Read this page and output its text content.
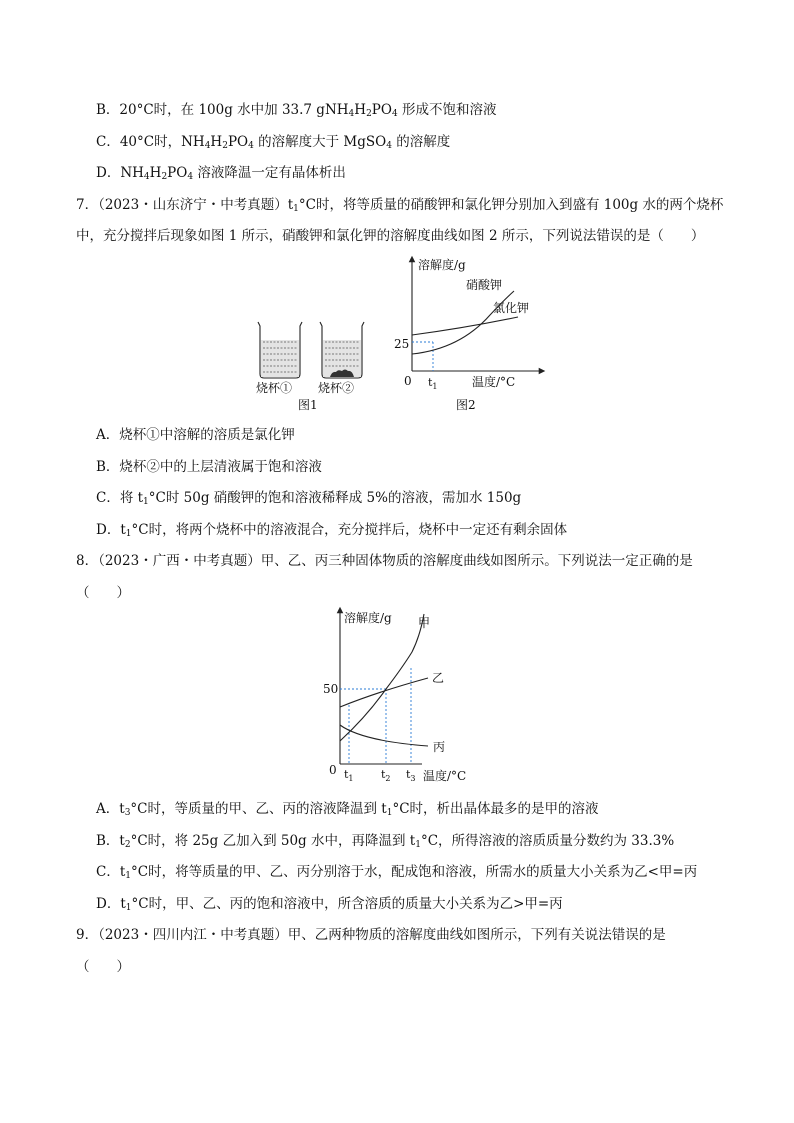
B．20°C时，在 100g 水中加 33.7 $gNH_4H_2PO_4$ 形成不饱和溶液
C．40°C时，$NH_4H_2PO_4$ 的溶解度大于 MgSO$_4$ 的溶解度
D．$NH_4H_2PO_4$ 溶液降温一定有晶体析出
7．（2023・山东济宁・中考真题）$t_1^\circ C$时，将等质量的硝酸钾和氯化钾分别加入到盛有 100g 水的两个烧杯
中，充分搅拌后现象如图 1 所示，硝酸钾和氯化钾的溶解度曲线如图 2 所示，下列说法错误的是（　　）
烧杯① 烧杯②
图1
溶解度/g
0
25
$t_1$	温度/°C
硝酸钾
氯化钾
图2
A．烧杯①中溶解的溶质是氯化钾
B．烧杯②中的上层清液属于饱和溶液
C．将 $t_1^\circ C$时 50g 硝酸钾的饱和溶液稀释成 5%的溶液，需加水 150g
D．$t_1^\circ C$时，将两个烧杯中的溶液混合，充分搅拌后，烧杯中一定还有剩余固体
8．（2023・广西・中考真题）甲、乙、丙三种固体物质的溶解度曲线如图所示。下列说法一定正确的是
（　　）
溶解度/g
0
50
甲
乙
丙
$t_1$ $t_2$ $t_3$ 温度/°C
A．$t_3^\circ C$时，等质量的甲、乙、丙的溶液降温到 $t_1^\circ C$时，析出晶体最多的是甲的溶液
B．$t_2^\circ C$时，将 25g 乙加入到 50g 水中，再降温到 $t_1^\circ C$，所得溶液的溶质质量分数约为 33.3%
C．$t_1^\circ C$时，将等质量的甲、乙、丙分别溶于水，配成饱和溶液，所需水的质量大小关系为乙<甲=丙
D．$t_1^\circ C$时，甲、乙、丙的饱和溶液中，所含溶质的质量大小关系为乙>甲=丙
9．（2023・四川内江・中考真题）甲、乙两种物质的溶解度曲线如图所示，下列有关说法错误的是
（　　）
